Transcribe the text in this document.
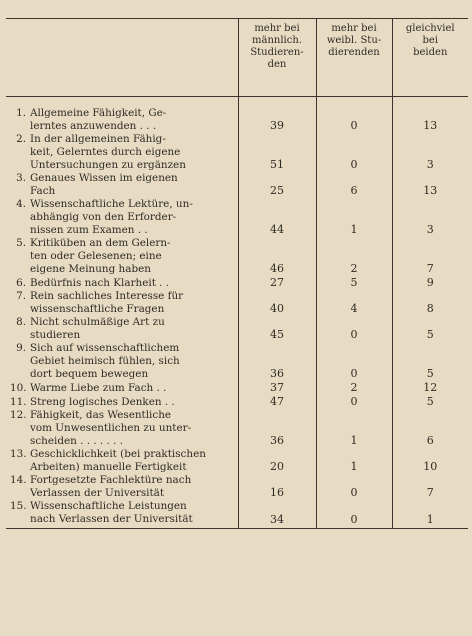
	mehr bei
männlich.
Studieren-
den	mehr bei
weibl. Stu-
dierenden	gleichviel
bei
beiden

1. Allgemeine Fähigkeit, Ge-
lerntes anzuwenden . . .	39	0	13

2. In der allgemeinen Fähig-
keit, Gelerntes durch eigene
Untersuchungen zu ergänzen	51	0	3

3. Genaues Wissen im eigenen
Fach	25	6	13

4. Wissenschaftliche Lektüre, un-
abhängig von den Erforder-
nissen zum Examen . .	44	1	3

5. Kritiküben an dem Gelern-
ten oder Gelesenen; eine
eigene Meinung haben	46	2	7

6. Bedürfnis nach Klarheit . .	27	5	9

7. Rein sachliches Interesse für
wissenschaftliche Fragen	40	4	8

8. Nicht schulmäßige Art zu
studieren	45	0	5

9. Sich auf wissenschaftlichem
Gebiet heimisch fühlen, sich
dort bequem bewegen	36	0	5

10. Warme Liebe zum Fach . .	37	2	12

11. Streng logisches Denken . .	47	0	5

12. Fähigkeit, das Wesentliche
vom Unwesentlichen zu unter-
scheiden . . . . . . .	36	1	6

13. Geschicklichkeit (bei praktischen
Arbeiten) manuelle Fertigkeit	20	1	10

14. Fortgesetzte Fachlektüre nach
Verlassen der Universität	16	0	7

15. Wissenschaftliche Leistungen
nach Verlassen der Universität	34	0	1
